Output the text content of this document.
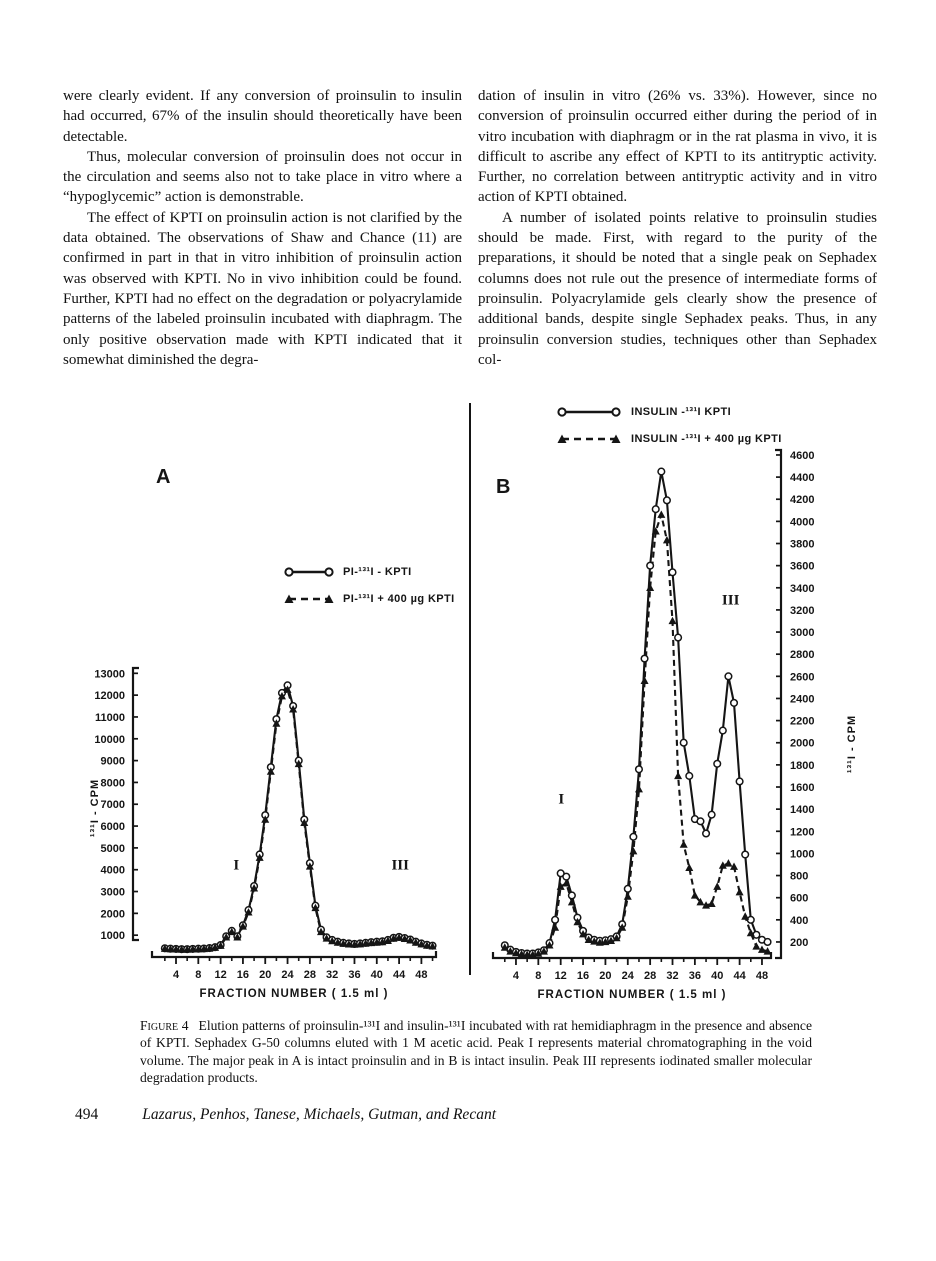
were clearly evident. If any conversion of proinsulin to insulin had occurred, 67% of the insulin should theoretically have been detectable.

Thus, molecular conversion of proinsulin does not occur in the circulation and seems also not to take place in vitro where a “hypoglycemic” action is demonstrable.

The effect of KPTI on proinsulin action is not clarified by the data obtained. The observations of Shaw and Chance (11) are confirmed in part in that in vitro inhibition of proinsulin action was observed with KPTI. No in vivo inhibition could be found. Further, KPTI had no effect on the degradation or polyacrylamide patterns of the labeled proinsulin incubated with diaphragm. The only positive observation made with KPTI indicated that it somewhat diminished the degra-

dation of insulin in vitro (26% vs. 33%). However, since no conversion of proinsulin occurred either during the period of in vitro incubation with diaphragm or in the rat plasma in vivo, it is difficult to ascribe any effect of KPTI to its antitryptic activity. Further, no correlation between antitryptic activity and in vitro action of KPTI obtained.

A number of isolated points relative to proinsulin studies should be made. First, with regard to the purity of the preparations, it should be noted that a single peak on Sephadex columns does not rule out the presence of intermediate forms of proinsulin. Polyacrylamide gels clearly show the presence of additional bands, despite single Sephadex peaks. Thus, in any proinsulin conversion studies, techniques other than Sephadex col-

A	B
INSULIN -¹³¹I KPTI
INSULIN -¹³¹I + 400 µg KPTI
PI-¹³¹I - KPTI
PI-¹³¹I + 400 µg KPTI
1000
2000
3000
4000
5000
6000
7000
8000
9000
10000
11000
12000
13000
4 8 12 16 20 24 28 32 36 40 44 48
FRACTION NUMBER ( 1.5 ml )
I	III
200
400
600
800
1000
1200
1400
1600
1800
2000
2200
2400
2600
2800
3000
3200
3400
3600
3800
4000
4200
4400
4600
4 8 12 16 20 24 28 32 36 40 44 48
FRACTION NUMBER ( 1.5 ml )
I
III
¹³¹I - CPM
¹³¹I - CPM
Figure 4 Elution patterns of proinsulin-¹³¹I and insulin-¹³¹I incubated with rat hemidiaphragm in the presence and absence of KPTI. Sephadex G-50 columns eluted with 1 M acetic acid. Peak I represents material chromatographing in the void volume. The major peak in A is intact proinsulin and in B is intact insulin. Peak III represents iodinated smaller molecular degradation products.
494	Lazarus, Penhos, Tanese, Michaels, Gutman, and Recant
